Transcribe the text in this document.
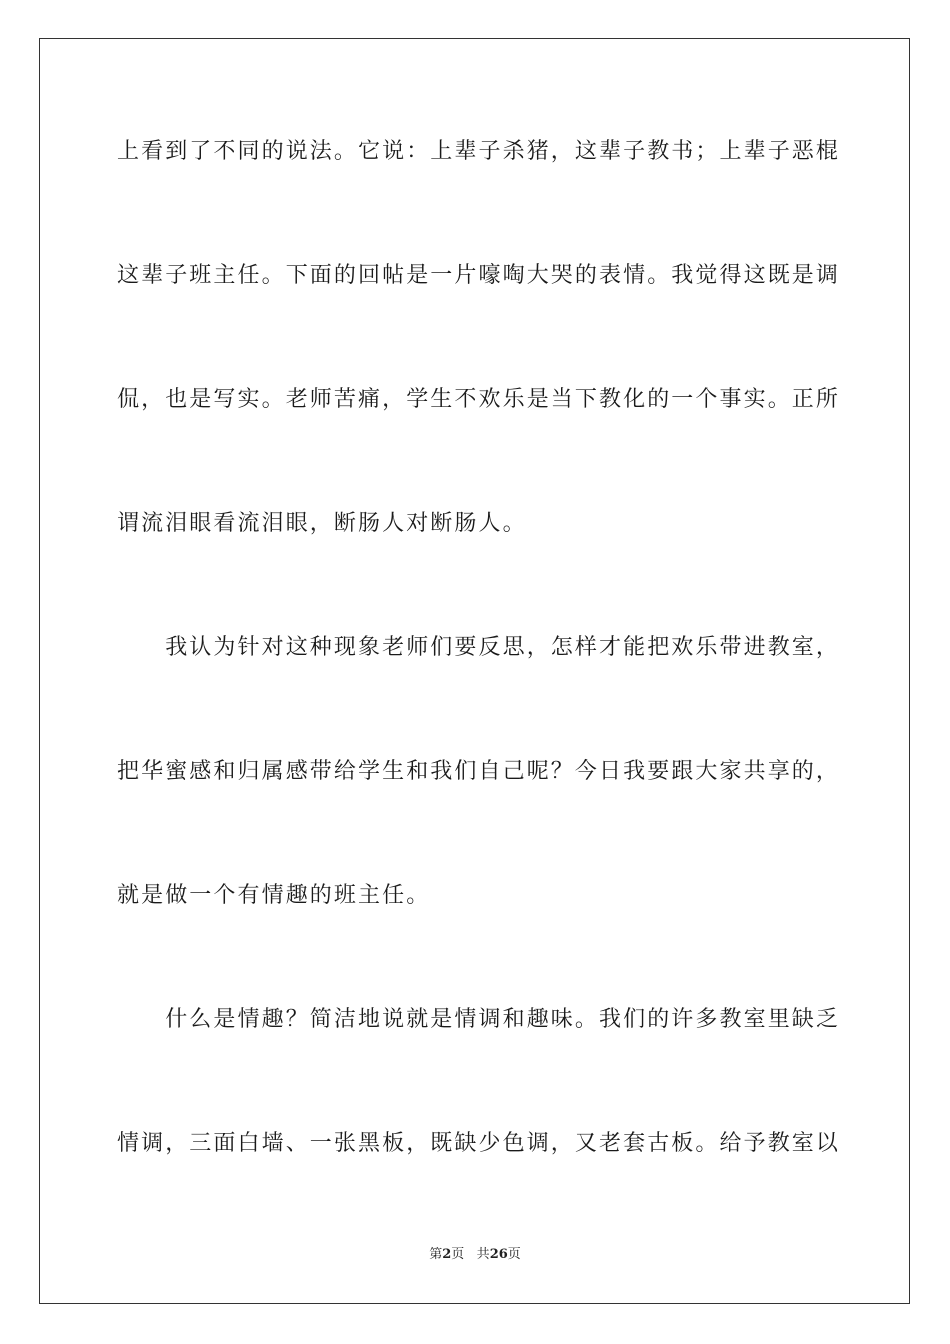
上看到了不同的说法。它说：上辈子杀猪，这辈子教书；上辈子恶棍
这辈子班主任。下面的回帖是一片嚎啕大哭的表情。我觉得这既是调
侃，也是写实。老师苦痛，学生不欢乐是当下教化的一个事实。正所
谓流泪眼看流泪眼，断肠人对断肠人。
　　我认为针对这种现象老师们要反思，怎样才能把欢乐带进教室，
把华蜜感和归属感带给学生和我们自己呢？今日我要跟大家共享的，
就是做一个有情趣的班主任。
　　什么是情趣？简洁地说就是情调和趣味。我们的许多教室里缺乏
情调，三面白墙、一张黑板，既缺少色调，又老套古板。给予教室以
第2页 共26页
